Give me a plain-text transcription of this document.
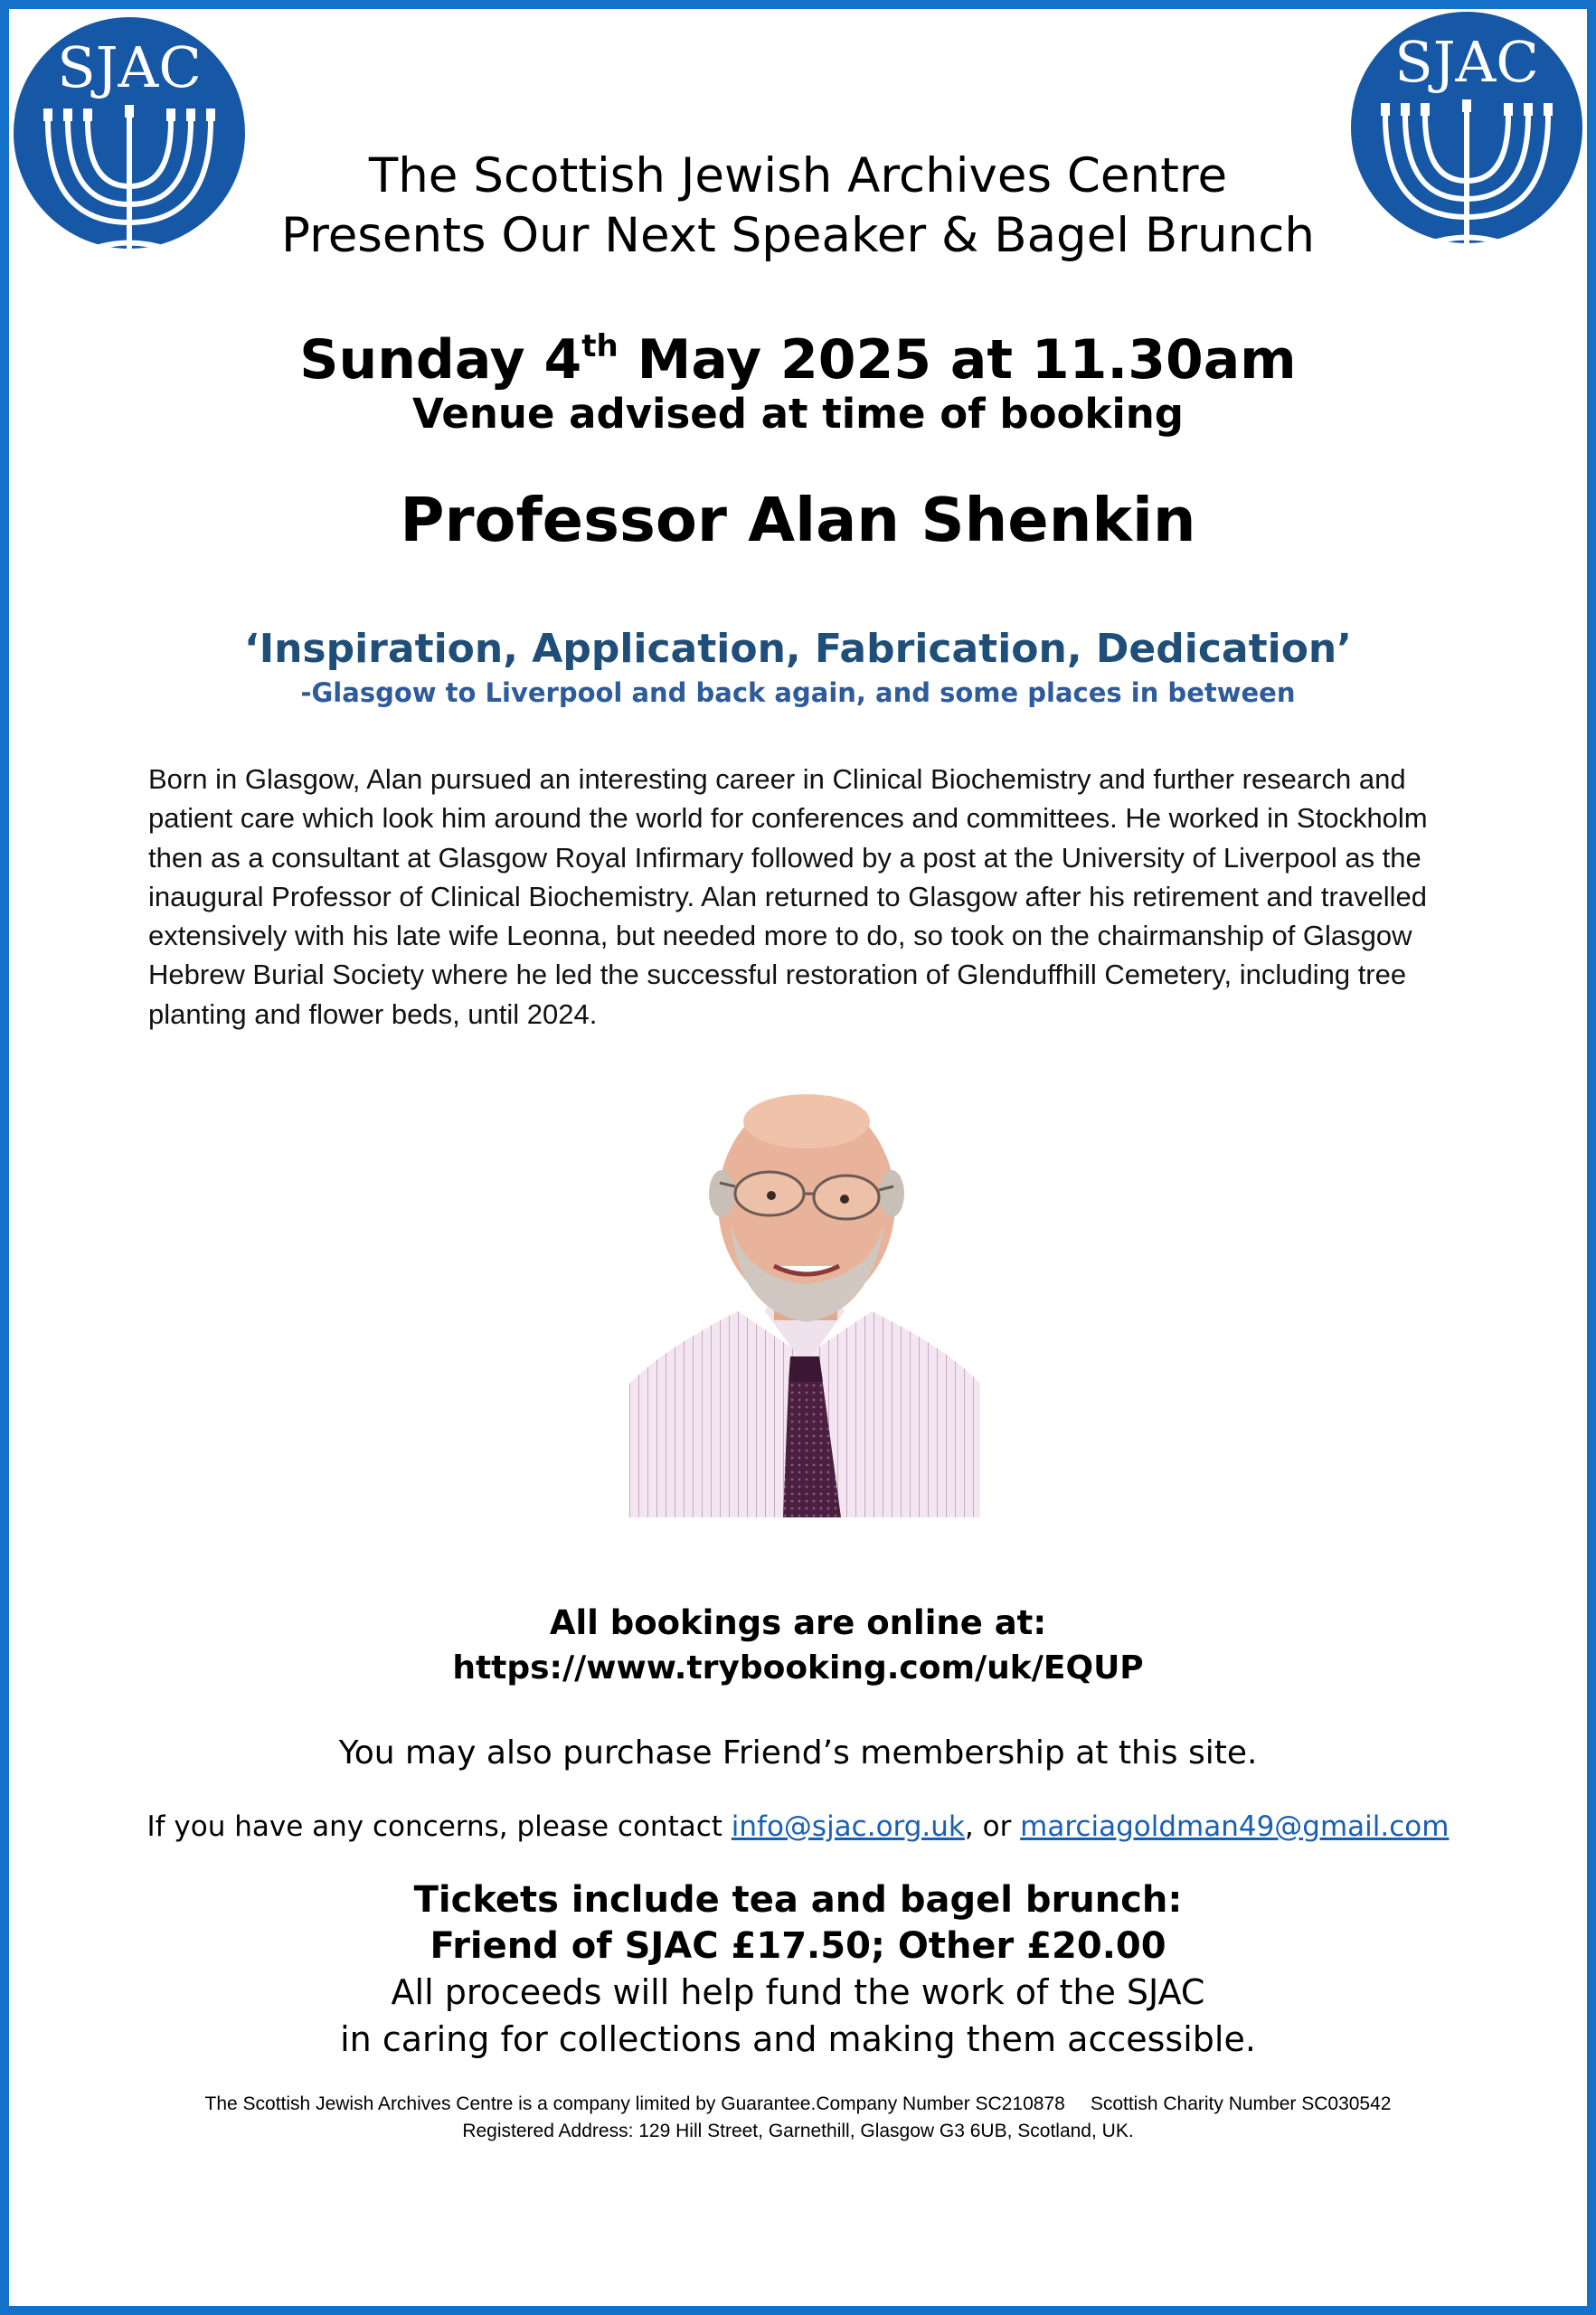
SJAC	SJAC
The Scottish Jewish Archives Centre
Presents Our Next Speaker & Bagel Brunch
Sunday 4th May 2025 at 11.30am
Venue advised at time of booking
Professor Alan Shenkin
‘Inspiration, Application, Fabrication, Dedication’
-Glasgow to Liverpool and back again, and some places in between
Born in Glasgow, Alan pursued an interesting career in Clinical Biochemistry and further research and patient care which look him around the world for conferences and committees. He worked in Stockholm then as a consultant at Glasgow Royal Infirmary followed by a post at the University of Liverpool as the inaugural Professor of Clinical Biochemistry. Alan returned to Glasgow after his retirement and travelled extensively with his late wife Leonna, but needed more to do, so took on the chairmanship of Glasgow Hebrew Burial Society where he led the successful restoration of Glenduffhill Cemetery, including tree planting and flower beds, until 2024.
All bookings are online at:
https://www.trybooking.com/uk/EQUP
You may also purchase Friend’s membership at this site.
If you have any concerns, please contact info@sjac.org.uk, or marciagoldman49@gmail.com
Tickets include tea and bagel brunch:
Friend of SJAC £17.50; Other £20.00
All proceeds will help fund the work of the SJAC
in caring for collections and making them accessible.
The Scottish Jewish Archives Centre is a company limited by Guarantee.Company Number SC210878 Scottish Charity Number SC030542
Registered Address: 129 Hill Street, Garnethill, Glasgow G3 6UB, Scotland, UK.
